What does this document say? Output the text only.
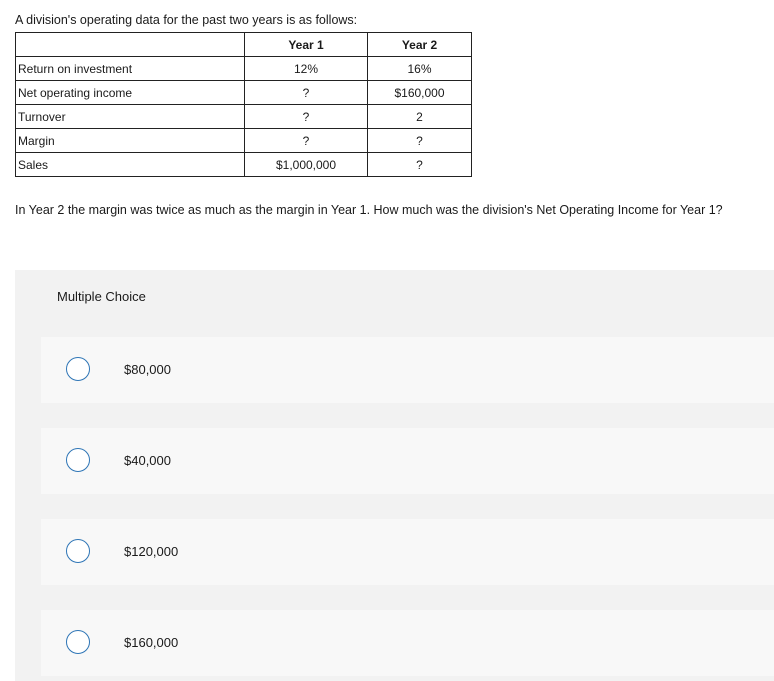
A division's operating data for the past two years is as follows:
	Year 1	Year 2
Return on investment	12%	16%
Net operating income	?	$160,000
Turnover	?	2
Margin	?	?
Sales	$1,000,000	?
In Year 2 the margin was twice as much as the margin in Year 1. How much was the division's Net Operating Income for Year 1?
Multiple Choice
$80,000
$40,000
$120,000
$160,000
